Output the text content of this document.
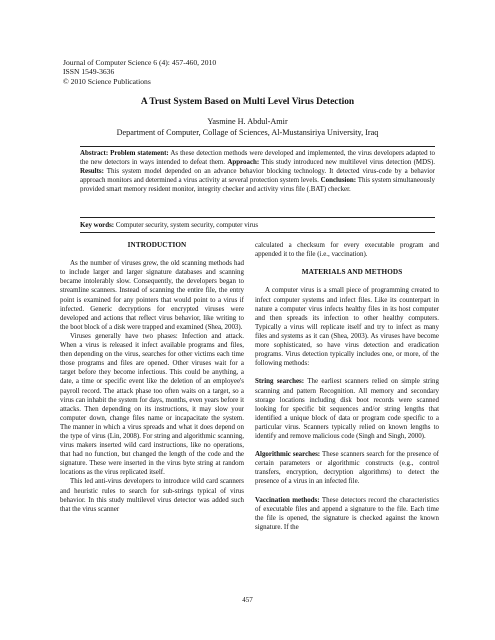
Journal of Computer Science 6 (4): 457-460, 2010
ISSN 1549-3636
© 2010 Science Publications
A Trust System Based on Multi Level Virus Detection
Yasmine H. Abdul-Amir
Department of Computer, Collage of Sciences, Al-Mustansiriya University, Iraq
Abstract: Problem statement: As these detection methods were developed and implemented, the virus developers adapted to the new detectors in ways intended to defeat them. Approach: This study introduced new multilevel virus detection (MDS). Results: This system model depended on an advance behavior blocking technology. It detected virus-code by a behavior approach monitors and determined a virus activity at several protection system levels. Conclusion: This system simultaneously provided smart memory resident monitor, integrity checker and activity virus file (.BAT) checker.
Key words: Computer security, system security, computer virus

INTRODUCTION

As the number of viruses grew, the old scanning methods had to include larger and larger signature databases and scanning became intolerably slow. Consequently, the developers began to streamline scanners. Instead of scanning the entire file, the entry point is examined for any pointers that would point to a virus if infected. Generic decryptions for encrypted viruses were developed and actions that reflect virus behavior, like writing to the boot block of a disk were trapped and examined (Shea, 2003).

Viruses generally have two phases: Infection and attack. When a virus is released it infect available programs and files, then depending on the virus, searches for other victims each time those programs and files are opened. Other viruses wait for a target before they become infectious. This could be anything, a date, a time or specific event like the deletion of an employee's payroll record. The attack phase too often waits on a target, so a virus can inhabit the system for days, months, even years before it attacks. Then depending on its instructions, it may slow your computer down, change files name or incapacitate the system. The manner in which a virus spreads and what it does depend on the type of virus (Lin, 2008). For string and algorithmic scanning, virus makers inserted wild card instructions, like no operations, that had no function, but changed the length of the code and the signature. These were inserted in the virus byte string at random locations as the virus replicated itself.

This led anti-virus developers to introduce wild card scanners and heuristic rules to search for sub-strings typical of virus behavior. In this study multilevel virus detector was added such that the virus scanner

calculated a checksum for every executable program and appended it to the file (i.e., vaccination).

MATERIALS AND METHODS

A computer virus is a small piece of programming created to infect computer systems and infect files. Like its counterpart in nature a computer virus infects healthy files in its host computer and then spreads its infection to other healthy computers. Typically a virus will replicate itself and try to infect as many files and systems as it can (Shea, 2003). As viruses have become more sophisticated, so have virus detection and eradication programs. Virus detection typically includes one, or more, of the following methods:

String searches: The earliest scanners relied on simple string scanning and pattern Recognition. All memory and secondary storage locations including disk boot records were scanned looking for specific bit sequences and/or string lengths that identified a unique block of data or program code specific to a particular virus. Scanners typically relied on known lengths to identify and remove malicious code (Singh and Singh, 2000).

Algorithmic searches: These scanners search for the presence of certain parameters or algorithmic constructs (e.g., control transfers, encryption, decryption algorithms) to detect the presence of a virus in an infected file.

Vaccination methods: These detectors record the characteristics of executable files and append a signature to the file. Each time the file is opened, the signature is checked against the known signature. If the

457
